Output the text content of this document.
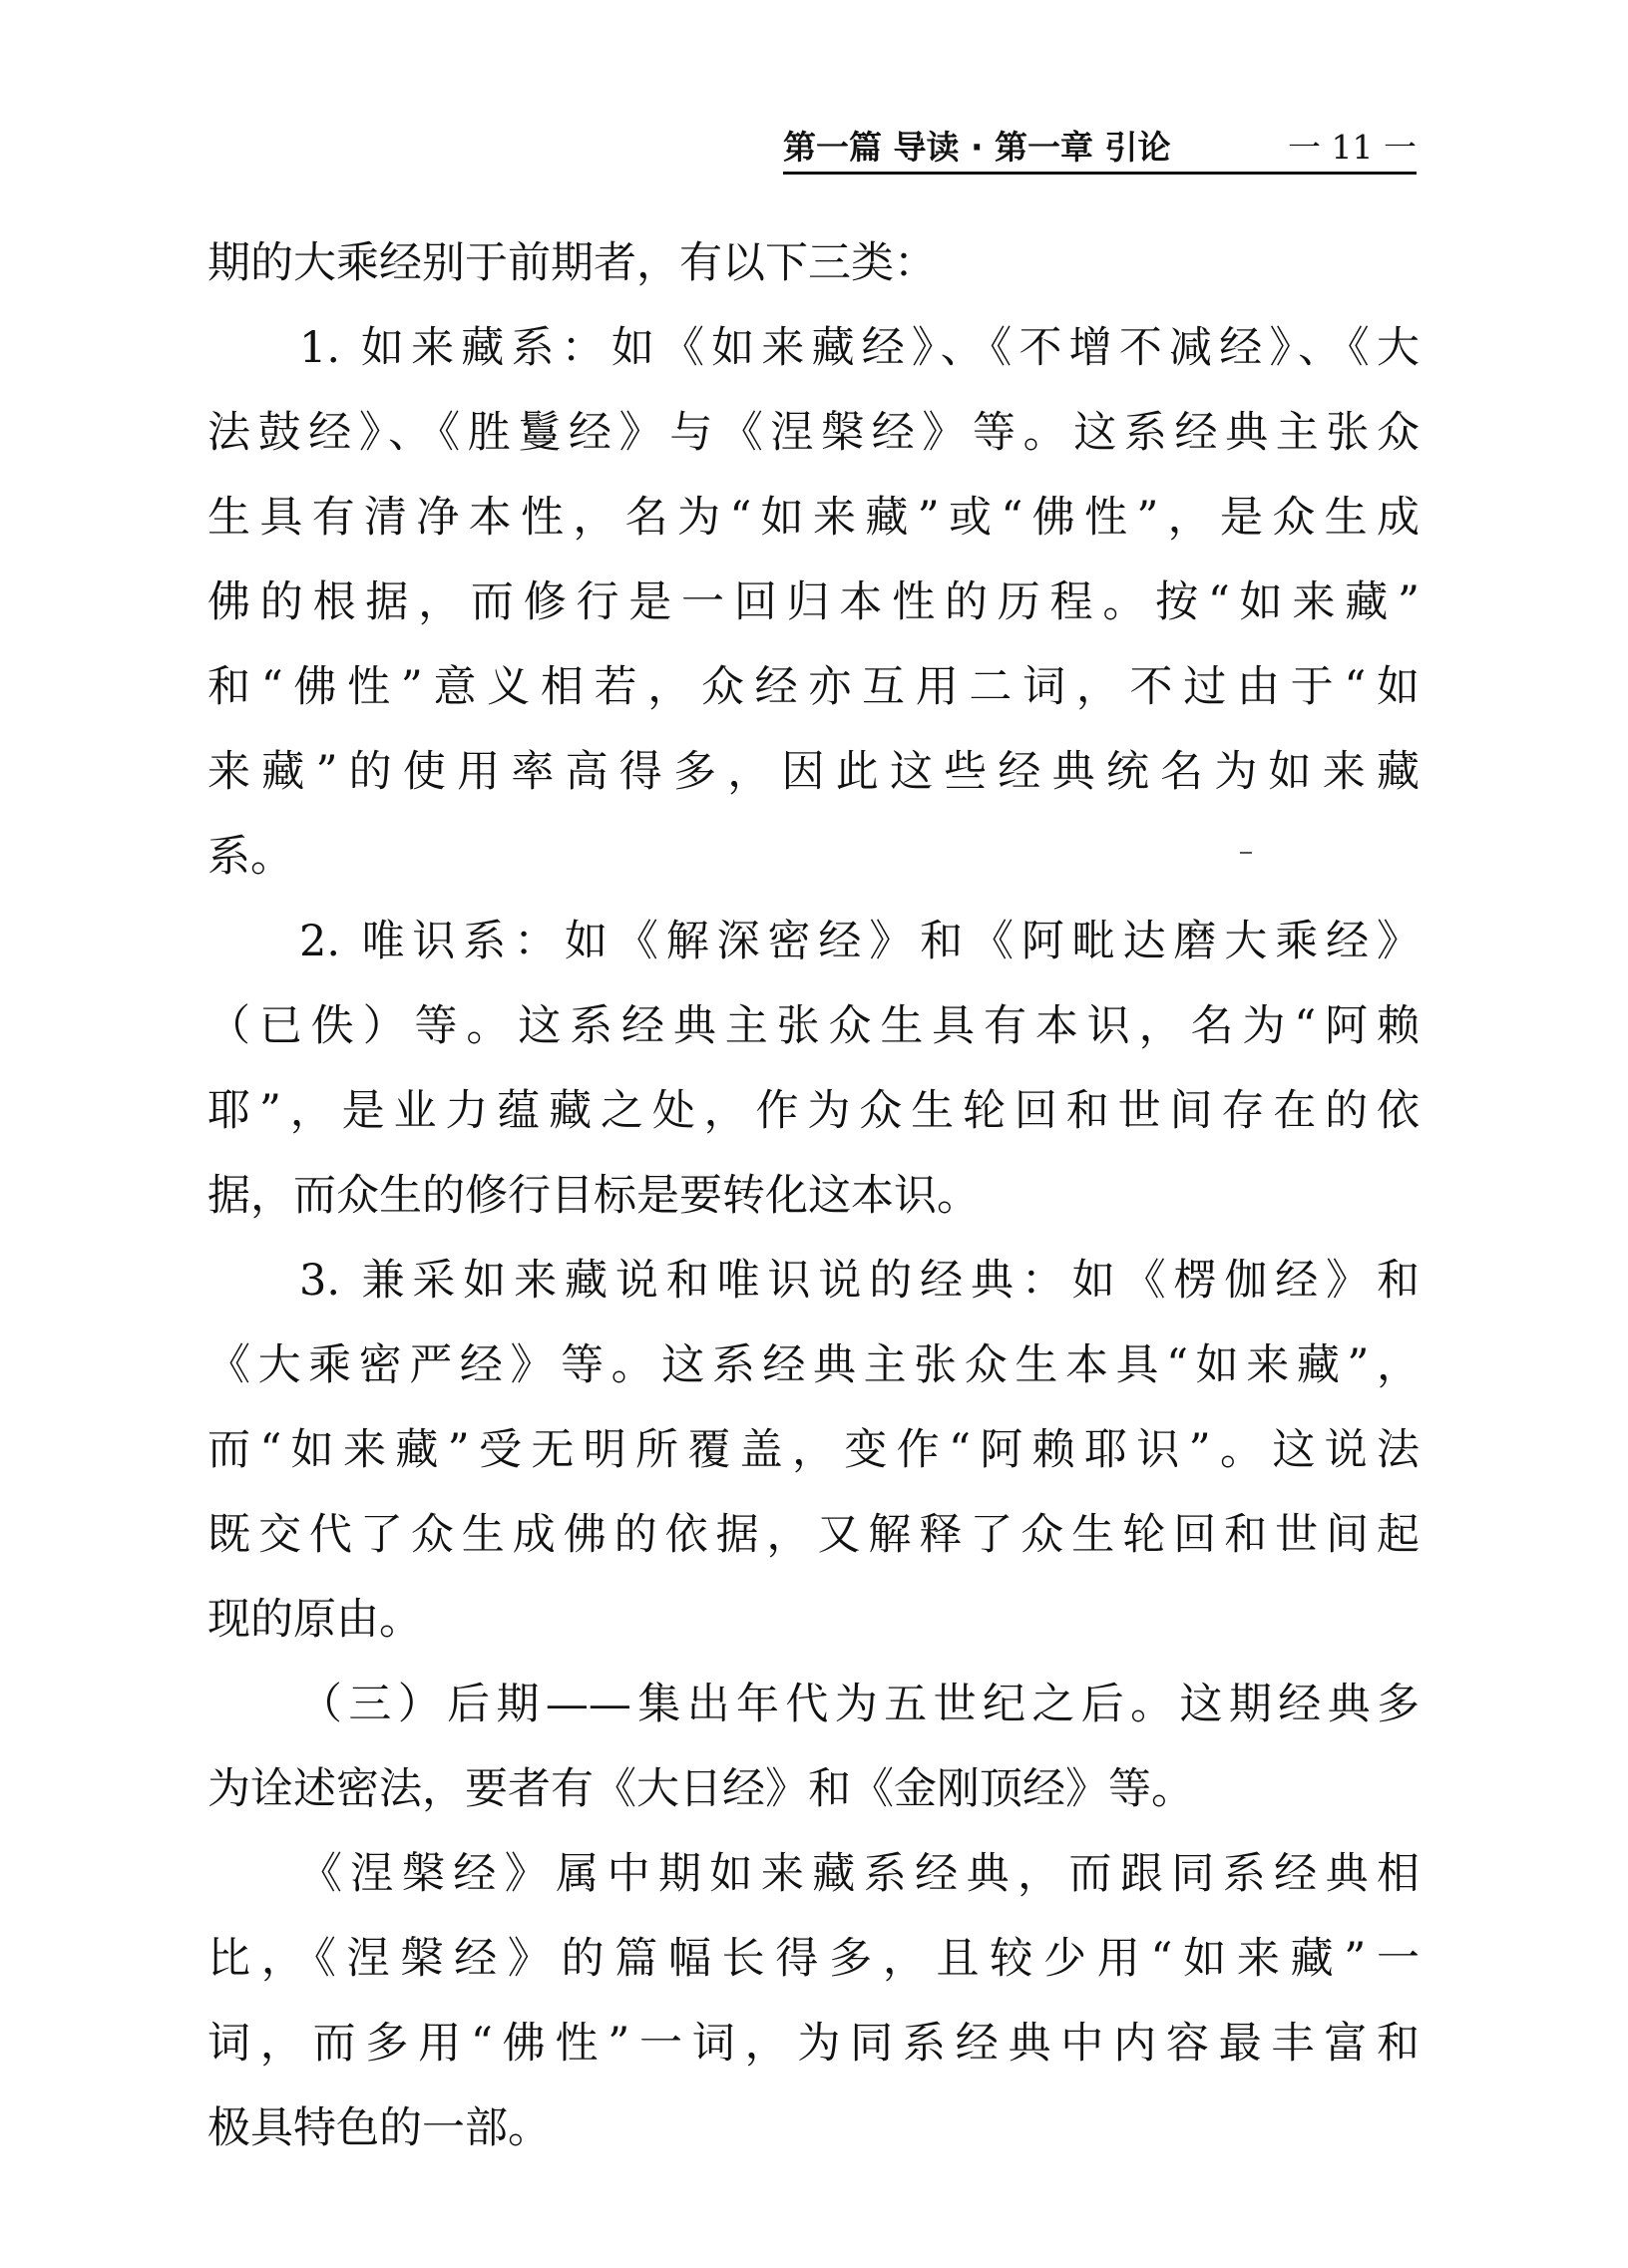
第一篇 导读 · 第一章 引论	一 11 一
期的大乘经别于前期者，有以下三类：
1. 如来藏系：如《如来藏经》、《不增不减经》、《大
法鼓经》、《胜鬘经》与《涅槃经》等。这系经典主张众
生具有清净本性，名为“如来藏”或“佛性”，是众生成
佛的根据，而修行是一回归本性的历程。按“如来藏”
和“佛性”意义相若，众经亦互用二词，不过由于“如
来藏”的使用率高得多，因此这些经典统名为如来藏
系。
2. 唯识系：如《解深密经》和《阿毗达磨大乘经》
（已佚）等。这系经典主张众生具有本识，名为“阿赖
耶”，是业力蕴藏之处，作为众生轮回和世间存在的依
据，而众生的修行目标是要转化这本识。
3. 兼采如来藏说和唯识说的经典：如《楞伽经》和
《大乘密严经》等。这系经典主张众生本具“如来藏”，
而“如来藏”受无明所覆盖，变作“阿赖耶识”。这说法
既交代了众生成佛的依据，又解释了众生轮回和世间起
现的原由。
（三）后期——集出年代为五世纪之后。这期经典多
为诠述密法，要者有《大日经》和《金刚顶经》等。
《涅槃经》属中期如来藏系经典，而跟同系经典相
比，《涅槃经》的篇幅长得多，且较少用“如来藏”一
词，而多用“佛性”一词，为同系经典中内容最丰富和
极具特色的一部。
